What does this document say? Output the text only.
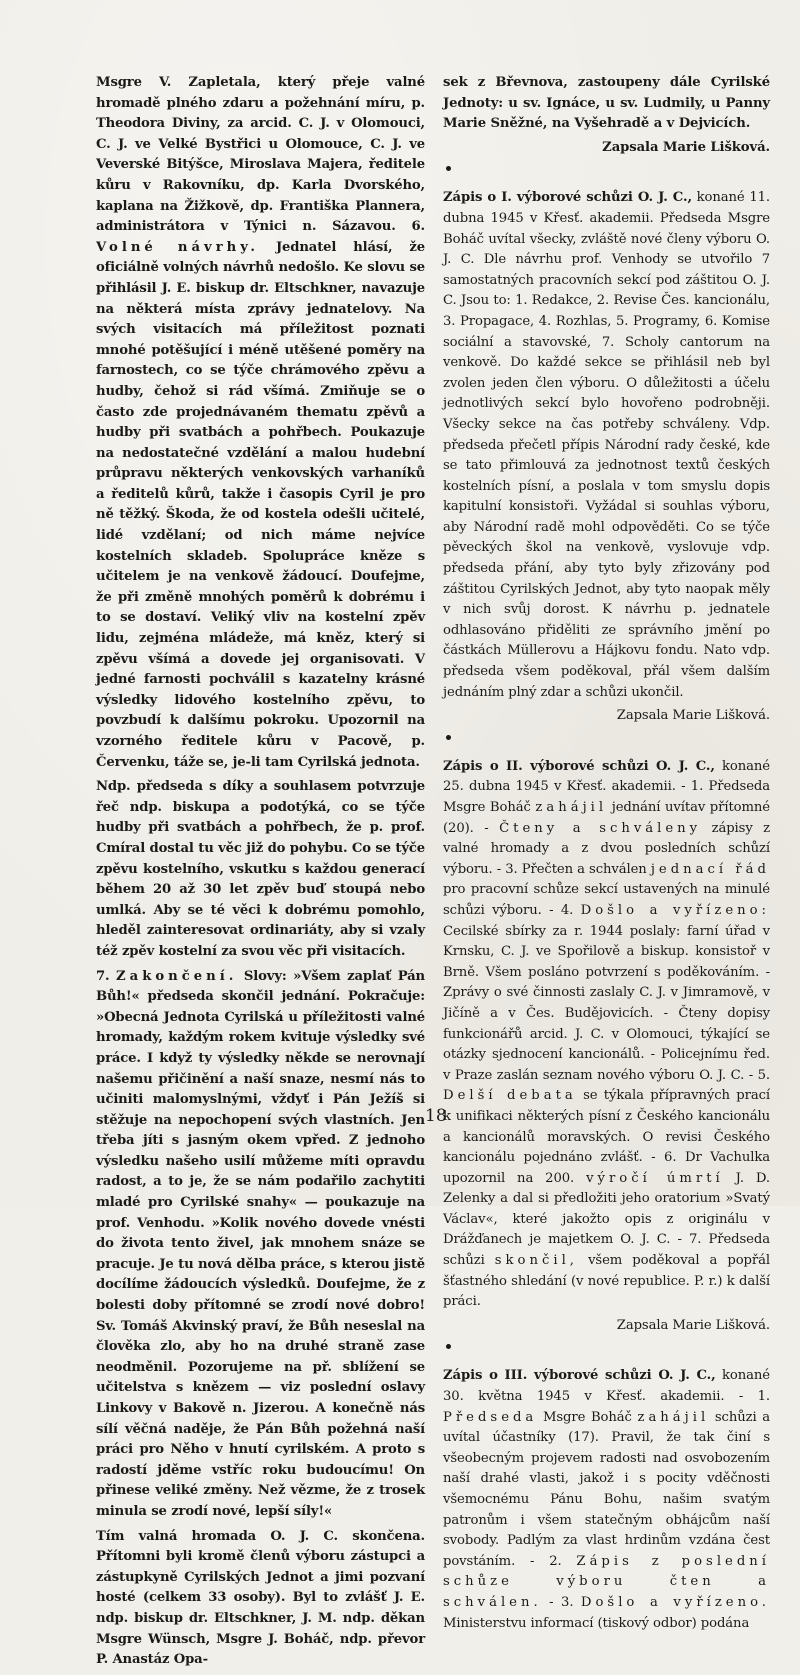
Msgre V. Zapletala, který přeje valné hromadě plného zdaru a požehnání míru, p. Theodora Diviny, za arcid. C. J. v Olomouci, C. J. ve Velké Bystřici u Olomouce, C. J. ve Veverské Bitýšce, Miroslava Majera, ředitele kůru v Rakovníku, dp. Karla Dvorského, kaplana na Žižkově, dp. Františka Plannera, administrátora v Týnici n. Sázavou. 6. Volné návrhy. Jednatel hlásí, že oficiálně volných návrhů nedošlo. Ke slovu se přihlásil J. E. biskup dr. Eltschkner, navazuje na některá místa zprávy jednatelovy. Na svých visitacích má příležitost poznati mnohé potěšující i méně utěšené poměry na farnostech, co se týče chrámového zpěvu a hudby, čehož si rád všímá. Zmiňuje se o často zde projednávaném thematu zpěvů a hudby při svatbách a pohřbech. Poukazuje na nedostatečné vzdělání a malou hudební průpravu některých venkovských varhaníků a ředitelů kůrů, takže i časopis Cyril je pro ně těžký. Škoda, že od kostela odešli učitelé, lidé vzdělaní; od nich máme nejvíce kostelních skladeb. Spolupráce kněze s učitelem je na venkově žádoucí. Doufejme, že při změně mnohých poměrů k dobrému i to se dostaví. Veliký vliv na kostelní zpěv lidu, zejména mládeže, má kněz, který si zpěvu všímá a dovede jej organisovati. V jedné farnosti pochválil s kazatelny krásné výsledky lidového kostelního zpěvu, to povzbudí k dalšímu pokroku. Upozornil na vzorného ředitele kůru v Pacově, p. Červenku, táže se, je-li tam Cyrilská jednota.

Ndp. předseda s díky a souhlasem potvrzuje řeč ndp. biskupa a podotýká, co se týče hudby při svatbách a pohřbech, že p. prof. Cmíral dostal tu věc již do pohybu. Co se týče zpěvu kostelního, vskutku s každou generací během 20 až 30 let zpěv buď stoupá nebo umlká. Aby se té věci k dobrému pomohlo, hleděl zainteresovat ordinariáty, aby si vzaly též zpěv kostelní za svou věc při visitacích.

7. Zakončení. Slovy: »Všem zaplať Pán Bůh!« předseda skončil jednání. Pokračuje: »Obecná Jednota Cyrilská u příležitosti valné hromady, každým rokem kvituje výsledky své práce. I když ty výsledky někde se nerovnají našemu přičinění a naší snaze, nesmí nás to učiniti malomyslnými, vždyť i Pán Ježíš si stěžuje na nepochopení svých vlastních. Jen třeba jíti s jasným okem vpřed. Z jednoho výsledku našeho usilí můžeme míti opravdu radost, a to je, že se nám podařilo zachytiti mladé pro Cyrilské snahy« — poukazuje na prof. Venhodu. »Kolik nového dovede vnésti do života tento živel, jak mnohem snáze se pracuje. Je tu nová dělba práce, s kterou jistě docílíme žádoucích výsledků. Doufejme, že z bolesti doby přítomné se zrodí nové dobro! Sv. Tomáš Akvinský praví, že Bůh neseslal na člověka zlo, aby ho na druhé straně zase neodměnil. Pozorujeme na př. sblížení se učitelstva s knězem — viz poslední oslavy Linkovy v Bakově n. Jizerou. A konečně nás sílí věčná naděje, že Pán Bůh požehná naší práci pro Něho v hnutí cyrilském. A proto s radostí jděme vstříc roku budoucímu! On přinese veliké změny. Než vězme, že z trosek minula se zrodí nové, lepší síly!«

Tím valná hromada O. J. C. skončena. Přítomni byli kromě členů výboru zástupci a zástupkyně Cyrilských Jednot a jimi pozvaní hosté (celkem 33 osoby). Byl to zvlášť J. E. ndp. biskup dr. Eltschkner, J. M. ndp. děkan Msgre Wünsch, Msgre J. Boháč, ndp. převor P. Anastáz Opa-

sek z Břevnova, zastoupeny dále Cyrilské Jednoty: u sv. Ignáce, u sv. Ludmily, u Panny Marie Sněžné, na Vyšehradě a v Dejvicích.

Zapsala Marie Lišková.

Zápis o I. výborové schůzi O. J. C., konané 11. dubna 1945 v Křesť. akademii. Předseda Msgre Boháč uvítal všecky, zvláště nové členy výboru O. J. C. Dle návrhu prof. Venhody se utvořilo 7 samostatných pracovních sekcí pod záštitou O. J. C. Jsou to: 1. Redakce, 2. Revise Čes. kancionálu, 3. Propagace, 4. Rozhlas, 5. Programy, 6. Komise sociální a stavovské, 7. Scholy cantorum na venkově. Do každé sekce se přihlásil neb byl zvolen jeden člen výboru. O důležitosti a účelu jednotlivých sekcí bylo hovořeno podrobněji. Všecky sekce na čas potřeby schváleny. Vdp. předseda přečetl přípis Národní rady české, kde se tato přimlouvá za jednotnost textů českých kostelních písní, a poslala v tom smyslu dopis kapitulní konsistoři. Vyžádal si souhlas výboru, aby Národní radě mohl odpověděti. Co se týče pěveckých škol na venkově, vyslovuje vdp. předseda přání, aby tyto byly zřizovány pod záštitou Cyrilských Jednot, aby tyto naopak měly v nich svůj dorost. K návrhu p. jednatele odhlasováno přiděliti ze správního jmění po částkách Müllerovu a Hájkovu fondu. Nato vdp. předseda všem poděkoval, přál všem dalším jednáním plný zdar a schůzi ukončil.

Zapsala Marie Lišková.

Zápis o II. výborové schůzi O. J. C., konané 25. dubna 1945 v Křesť. akademii. - 1. Předseda Msgre Boháč zahájil jednání uvítav přítomné (20). - Čteny a schváleny zápisy z valné hromady a z dvou posledních schůzí výboru. - 3. Přečten a schválen jednací řád pro pracovní schůze sekcí ustavených na minulé schůzi výboru. - 4. Došlo a vyřízeno: Cecilské sbírky za r. 1944 poslaly: farní úřad v Krnsku, C. J. ve Spořilově a biskup. konsistoř v Brně. Všem posláno potvrzení s poděkováním. - Zprávy o své činnosti zaslaly C. J. v Jimramově, v Jičíně a v Čes. Budějovicích. - Čteny dopisy funkcionářů arcid. J. C. v Olomouci, týkající se otázky sjednocení kancionálů. - Policejnímu řed. v Praze zaslán seznam nového výboru O. J. C. - 5. Delší debata se týkala přípravných prací k unifikaci některých písní z Českého kancionálu a kancionálů moravských. O revisi Českého kancionálu pojednáno zvlášť. - 6. Dr Vachulka upozornil na 200. výročí úmrtí J. D. Zelenky a dal si předložiti jeho oratorium »Svatý Václav«, které jakožto opis z originálu v Drážďanech je majetkem O. J. C. - 7. Předseda schůzi skončil, všem poděkoval a popřál šťastného shledání (v nové republice. P. r.) k další práci.

Zapsala Marie Lišková.

Zápis o III. výborové schůzi O. J. C., konané 30. května 1945 v Křesť. akademii. - 1. Předseda Msgre Boháč zahájil schůzi a uvítal účastníky (17). Pravil, že tak činí s všeobecným projevem radosti nad osvobozením naší drahé vlasti, jakož i s pocity vděčnosti všemocnému Pánu Bohu, našim svatým patronům i všem statečným obhájcům naší svobody. Padlým za vlast hrdinům vzdána čest povstáním. - 2. Zápis z poslední schůze výboru čten a schválen. - 3. Došlo a vyřízeno. Ministerstvu informací (tiskový odbor) podána

18
